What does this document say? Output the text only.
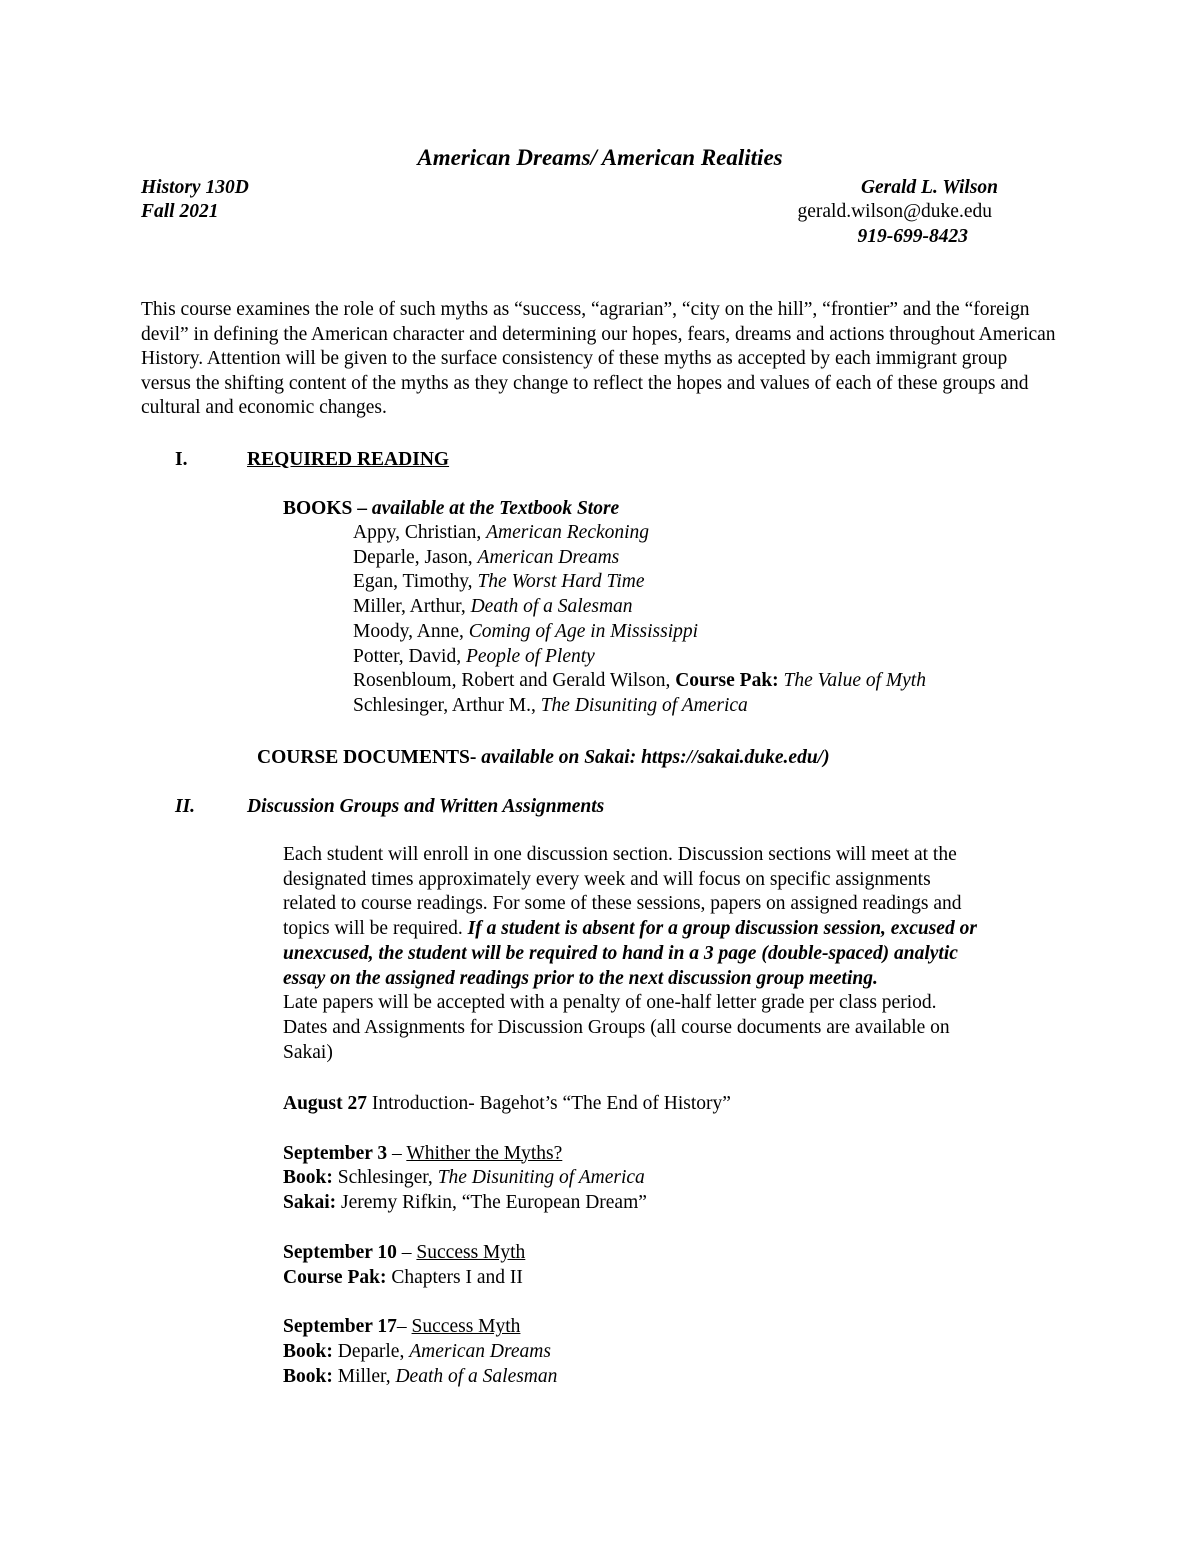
American Dreams/ American Realities
History 130D
Fall 2021
Gerald L. Wilson
gerald.wilson@duke.edu
919-699-8423
This course examines the role of such myths as “success, “agrarian”, “city on the hill”, “frontier” and the “foreign devil” in defining the American character and determining our hopes, fears, dreams and actions throughout American History. Attention will be given to the surface consistency of these myths as accepted by each immigrant group versus the shifting content of the myths as they change to reflect the hopes and values of each of these groups and cultural and economic changes.
I.	REQUIRED READING
BOOKS – available at the Textbook Store
Appy, Christian, American Reckoning
Deparle, Jason, American Dreams
Egan, Timothy, The Worst Hard Time
Miller, Arthur, Death of a Salesman
Moody, Anne, Coming of Age in Mississippi
Potter, David, People of Plenty
Rosenbloum, Robert and Gerald Wilson, Course Pak: The Value of Myth
Schlesinger, Arthur M., The Disuniting of America
COURSE DOCUMENTS- available on Sakai: https://sakai.duke.edu/)
II.	Discussion Groups and Written Assignments
Each student will enroll in one discussion section. Discussion sections will meet at the
designated times approximately every week and will focus on specific assignments
related to course readings. For some of these sessions, papers on assigned readings and
topics will be required. If a student is absent for a group discussion session, excused or
unexcused, the student will be required to hand in a 3 page (double-spaced) analytic
essay on the assigned readings prior to the next discussion group meeting.
Late papers will be accepted with a penalty of one-half letter grade per class period.
Dates and Assignments for Discussion Groups (all course documents are available on
Sakai)
August 27 Introduction- Bagehot’s “The End of History”
September 3 – Whither the Myths?
Book: Schlesinger, The Disuniting of America
Sakai: Jeremy Rifkin, “The European Dream”
September 10 – Success Myth
Course Pak: Chapters I and II
September 17– Success Myth
Book: Deparle, American Dreams
Book: Miller, Death of a Salesman
